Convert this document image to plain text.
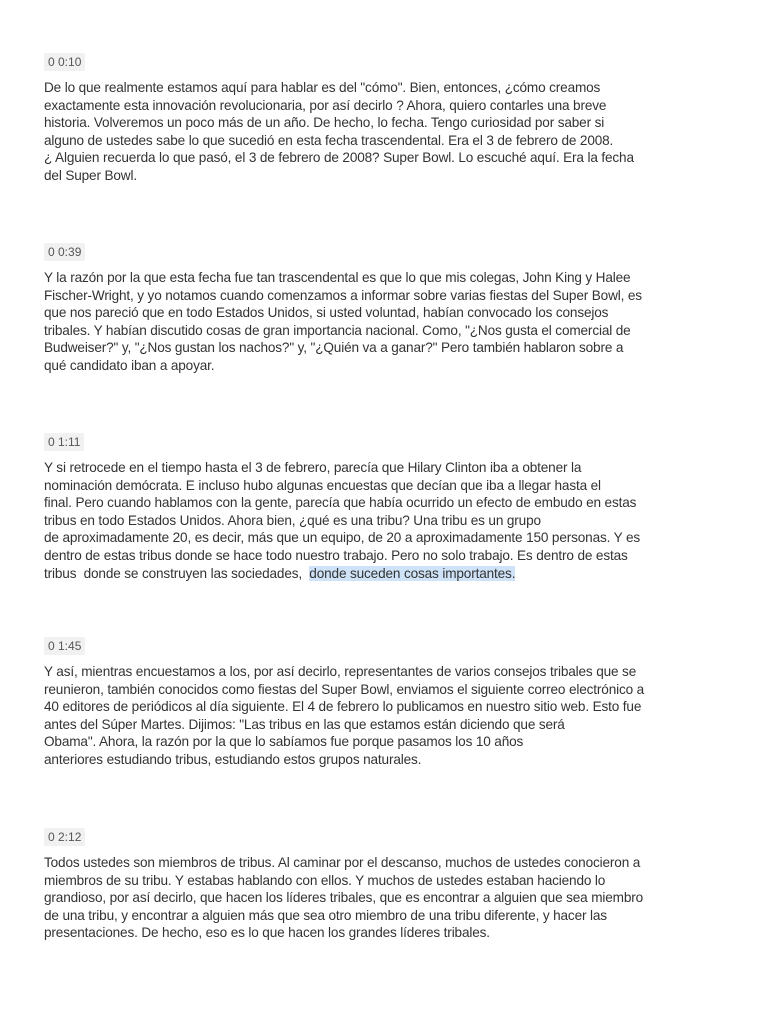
0 0:10
De lo que realmente estamos aquí para hablar es del "cómo". Bien, entonces, ¿cómo creamos
exactamente esta innovación revolucionaria, por así decirlo ? Ahora, quiero contarles una breve
historia. Volveremos un poco más de un año. De hecho, lo fecha. Tengo curiosidad por saber si
alguno de ustedes sabe lo que sucedió en esta fecha trascendental. Era el 3 de febrero de 2008.
¿ Alguien recuerda lo que pasó, el 3 de febrero de 2008? Super Bowl. Lo escuché aquí. Era la fecha
del Super Bowl.
0 0:39
Y la razón por la que esta fecha fue tan trascendental es que lo que mis colegas, John King y Halee
Fischer-Wright, y yo notamos cuando comenzamos a informar sobre varias fiestas del Super Bowl, es
que nos pareció que en todo Estados Unidos, si usted voluntad, habían convocado los consejos
tribales. Y habían discutido cosas de gran importancia nacional. Como, "¿Nos gusta el comercial de
Budweiser?" y, "¿Nos gustan los nachos?" y, "¿Quién va a ganar?" Pero también hablaron sobre a
qué candidato iban a apoyar.
0 1:11
Y si retrocede en el tiempo hasta el 3 de febrero, parecía que Hilary Clinton iba a obtener la
nominación demócrata. E incluso hubo algunas encuestas que decían que iba a llegar hasta el
final. Pero cuando hablamos con la gente, parecía que había ocurrido un efecto de embudo en estas
tribus en todo Estados Unidos. Ahora bien, ¿qué es una tribu? Una tribu es un grupo
de aproximadamente 20, es decir, más que un equipo, de 20 a aproximadamente 150 personas. Y es
dentro de estas tribus donde se hace todo nuestro trabajo. Pero no solo trabajo. Es dentro de estas
tribus  donde se construyen las sociedades,  donde suceden cosas importantes.
0 1:45
Y así, mientras encuestamos a los, por así decirlo, representantes de varios consejos tribales que se
reunieron, también conocidos como fiestas del Super Bowl, enviamos el siguiente correo electrónico a
40 editores de periódicos al día siguiente. El 4 de febrero lo publicamos en nuestro sitio web. Esto fue
antes del Súper Martes. Dijimos: "Las tribus en las que estamos están diciendo que será
Obama". Ahora, la razón por la que lo sabíamos fue porque pasamos los 10 años
anteriores estudiando tribus, estudiando estos grupos naturales.
0 2:12
Todos ustedes son miembros de tribus. Al caminar por el descanso, muchos de ustedes conocieron a
miembros de su tribu. Y estabas hablando con ellos. Y muchos de ustedes estaban haciendo lo
grandioso, por así decirlo, que hacen los líderes tribales, que es encontrar a alguien que sea miembro
de una tribu, y encontrar a alguien más que sea otro miembro de una tribu diferente, y hacer las
presentaciones. De hecho, eso es lo que hacen los grandes líderes tribales.
